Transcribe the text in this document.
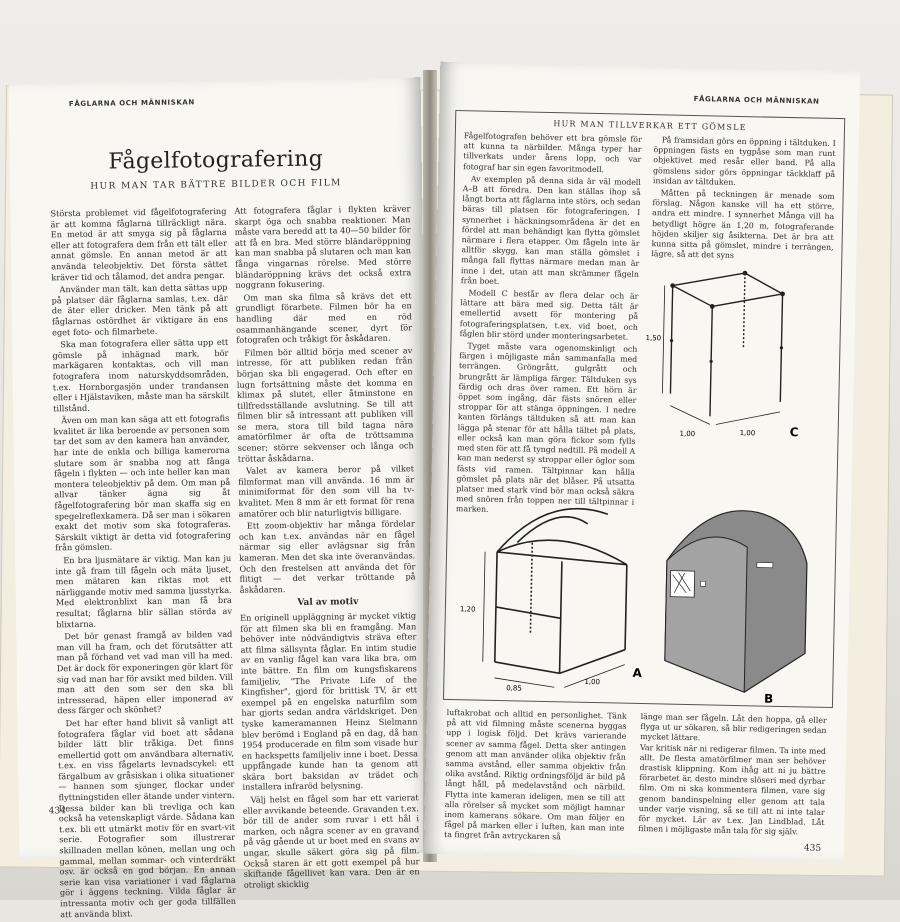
FÅGLARNA OCH MÄNNISKAN
Fågelfotografering
HUR MAN TAR BÄTTRE BILDER OCH FILM

Största problemet vid fågelfotografering är att komma fåglarna tillräckligt nära. En metod är att smyga sig på fåglarna eller att fotografera dem från ett tält eller annat gömsle. En annan metod är att använda teleobjektiv. Det första sättet kräver tid och tålamod, det andra pengar.

Använder man tält, kan detta sättas upp på platser där fåglarna samlas, t.ex. där de äter eller dricker. Men tänk på att fåglarnas ostördhet är viktigare än ens eget foto- och filmarbete.

Ska man fotografera eller sätta upp ett gömsle på inhägnad mark, bör markägaren kontaktas, och vill man fotografera inom naturskyddsområden, t.ex. Hornborgasjön under trandansen eller i Hjälstaviken, måste man ha särskilt tillstånd.

Även om man kan säga att ett fotografis kvalitet är lika beroende av personen som tar det som av den kamera han använder, har inte de enkla och billiga kamerorna slutare som är snabba nog att fånga fågeln i flykten — och inte heller kan man montera teleobjektiv på dem. Om man på allvar tänker ägna sig åt fågelfotografering bör man skaffa sig en spegelreflexkamera. Då ser man i sökaren exakt det motiv som ska fotograferas. Särskilt viktigt är detta vid fotografering från gömslen.

En bra ljusmätare är viktig. Man kan ju inte gå fram till fågeln och mäta ljuset, men mätaren kan riktas mot ett närliggande motiv med samma ljusstyrka. Med elektronblixt kan man få bra resultat; fåglarna blir sällan störda av blixtarna.

Det bör genast framgå av bilden vad man vill ha fram, och det förutsätter att man på förhand vet vad man vill ha med. Det är dock för exponeringen gör klart för sig vad man har för avsikt med bilden. Vill man att den som ser den ska bli intresserad, häpen eller imponerad av dess färger och skönhet?

Det har efter hand blivit så vanligt att fotografera fåglar vid boet att sådana bilder lätt blir tråkiga. Det finns emellertid gott om användbara alternativ, t.ex. en viss fågelarts levnadscykel: ett färgalbum av gråsiskan i olika situationer — hannen som sjunger, flockar under flyttningstiden eller ätande under vintern. Dessa bilder kan bli trevliga och kan också ha vetenskapligt värde. Sådana kan t.ex. bli ett utmärkt motiv för en svart-vit serie. Fotografier som illustrerar skillnaden mellan könen, mellan ung och gammal, mellan sommar- och vinterdräkt osv. är också en god början. En annan serie kan visa variationer i vad fåglarna gör i äggens teckning. Vilda fåglar är intressanta motiv och ger goda tillfällen att använda blixt.

Att fotografera fåglar i flykten kräver skarpt öga och snabba reaktioner. Man måste vara beredd att ta 40—50 bilder för att få en bra. Med större bländaröppning kan man snabba på slutaren och man kan fånga vingarnas rörelse. Med större bländaröppning krävs det också extra noggrann fokusering.

Om man ska filma så krävs det ett grundligt förarbete. Filmen bör ha en handling där med en röd osammanhängande scener, dyrt för fotografen och tråkigt för åskådaren.

Filmen bör alltid börja med scener av intresse, för att publiken redan från början ska bli engagerad. Och efter en lugn fortsättning måste det komma en klimax på slutet, eller åtminstone en tillfredsställande avslutning. Se till att filmen blir så intressant att publiken vill se mera, stora till bild tagna nära amatörfilmer är ofta de tröttsamma scener; större sekvenser och långa och tröttar åskådarna.

Valet av kamera beror på vilket filmformat man vill använda. 16 mm är minimiformat för den som vill ha tv-kvalitet. Men 8 mm är ett format för rena amatörer och blir naturligtvis billigare.

Ett zoom-objektiv har många fördelar och kan t.ex. användas när en fågel närmar sig eller avlägsnar sig från kameran. Men det ska inte överanvändas. Och den frestelsen att använda det för flitigt — det verkar tröttande på åskådaren.

Val av motiv

En originell uppläggning är mycket viktig för att filmen ska bli en framgång. Man behöver inte nödvändigtvis sträva efter att filma sällsynta fåglar. En intim studie av en vanlig fågel kan vara lika bra, om inte bättre. En film om kungsfiskarens familjeliv, "The Private Life of the Kingfisher", gjord för brittisk TV, är ett exempel på en engelska naturfilm som har gjorts sedan andra världskriget. Den tyske kameramannen Heinz Sielmann blev berömd i England på en dag, då han 1954 producerade en film som visade hur en hackspetts familjeliv inne i boet. Dessa uppfångade kunde han ta genom att skära bort baksidan av trädet och installera infraröd belysning.

Välj helst en fågel som har ett varierat eller avvikande beteende. Gravanden t.ex. bör till de ander som ruvar i ett hål i marken, och några scener av en gravand på väg gående ut ur boet med en svans av ungar, skulle säkert göra sig på film. Också staren är ett gott exempel på hur skiftande fågellivet kan vara. Den är en otroligt skicklig

434
FÅGLARNA OCH MÄNNISKAN
HUR MAN TILLVERKAR ETT GÖMSLE

Fågelfotografen behöver ett bra gömsle för att kunna ta närbilder. Många typer har tillverkats under årens lopp, och var fotograf har sin egen favoritmodell.

Av exemplen på denna sida är väl modell A–B att föredra. Den kan ställas ihop så långt borta att fåglarna inte störs, och sedan bäras till platsen för fotograferingen. I synnerhet i häckningsområdena är det en fördel att man behändigt kan flytta gömslet närmare i flera etapper. Om fågeln inte är alltför skygg, kan man ställa gömslet i många fall flyttas närmare medan man är inne i det, utan att man skrämmer fågeln från boet.

Modell C består av flera delar och är lättare att bära med sig. Detta tält är emellertid avsett för montering på fotograferingsplatsen, t.ex. vid boet, och fåglen blir störd under monteringsarbetet.

Tyget måste vara ogenomskinligt och färgen i möjligaste mån sammanfalla med terrängen. Gröngrått, gulgrått och brungrått är lämpliga färger. Tältduken sys färdig och dras över ramen. Ett hörn är öppet som ingång, där fästs snören eller stroppar för att stänga öppningen. I nedre kanten förlängs tältduken så att man kan lägga på stenar för att hålla tältet på plats, eller också kan man göra fickor som fylls med sten för att få tyngd nedtill. På modell A kan man nederst sy stroppar eller öglor som fästs vid ramen. Tältpinnar kan hålla gömslet på plats när det blåser. På utsatta platser med stark vind bör man också säkra med snören från toppen ner till tältpinnar i marken.

På framsidan görs en öppning i tältduken. I öppningen fästs en tygpåse som man runt objektivet med resår eller band. På alla gömslens sidor görs öppningar täckklaff på insidan av tältduken.

Måtten på teckningen är menade som förslag. Någon kanske vill ha ett större, andra ett mindre. I synnerhet Många vill ha betydligt högre än 1,20 m, fotograferande höjden skiljer sig åsikterna. Det är bra att kunna sitta på gömslet, mindre i terrängen, lägre, så att det syns

1,50
1,00	1,00	C
1,20
0,85
1,00
A
B
luftakrobat och alltid en personlighet. Tänk på att vid filmning måste scenerna byggas upp i logisk följd. Det krävs varierande scener av samma fågel. Detta sker antingen genom att man använder olika objektiv från samma avstånd, eller samma objektiv från olika avstånd. Riktig ordningsföljd är bild på långt håll, på medelavstånd och närbild. Flytta inte kameran ideligen, men se till att alla rörelser så mycket som möjligt hamnar inom kamerans sökare. Om man följer en fågel på marken eller i luften, kan man inte ta fingret från avtryckaren så
länge man ser fågeln. Låt den hoppa, gå eller flyga ut ur sökaren, så blir redigeringen sedan mycket lättare.
Var kritisk när ni redigerar filmen. Ta inte med allt. De flesta amatörfilmer man ser behöver drastisk klippning. Kom ihåg att ni ju bättre förarbetet är, desto mindre slöseri med dyrbar film. Om ni ska kommentera filmen, vare sig genom bandinspelning eller genom att tala under varje visning, så se till att ni inte talar för mycket. Lär av t.ex. Jan Lindblad. Låt filmen i möjligaste mån tala för sig själv.
435
